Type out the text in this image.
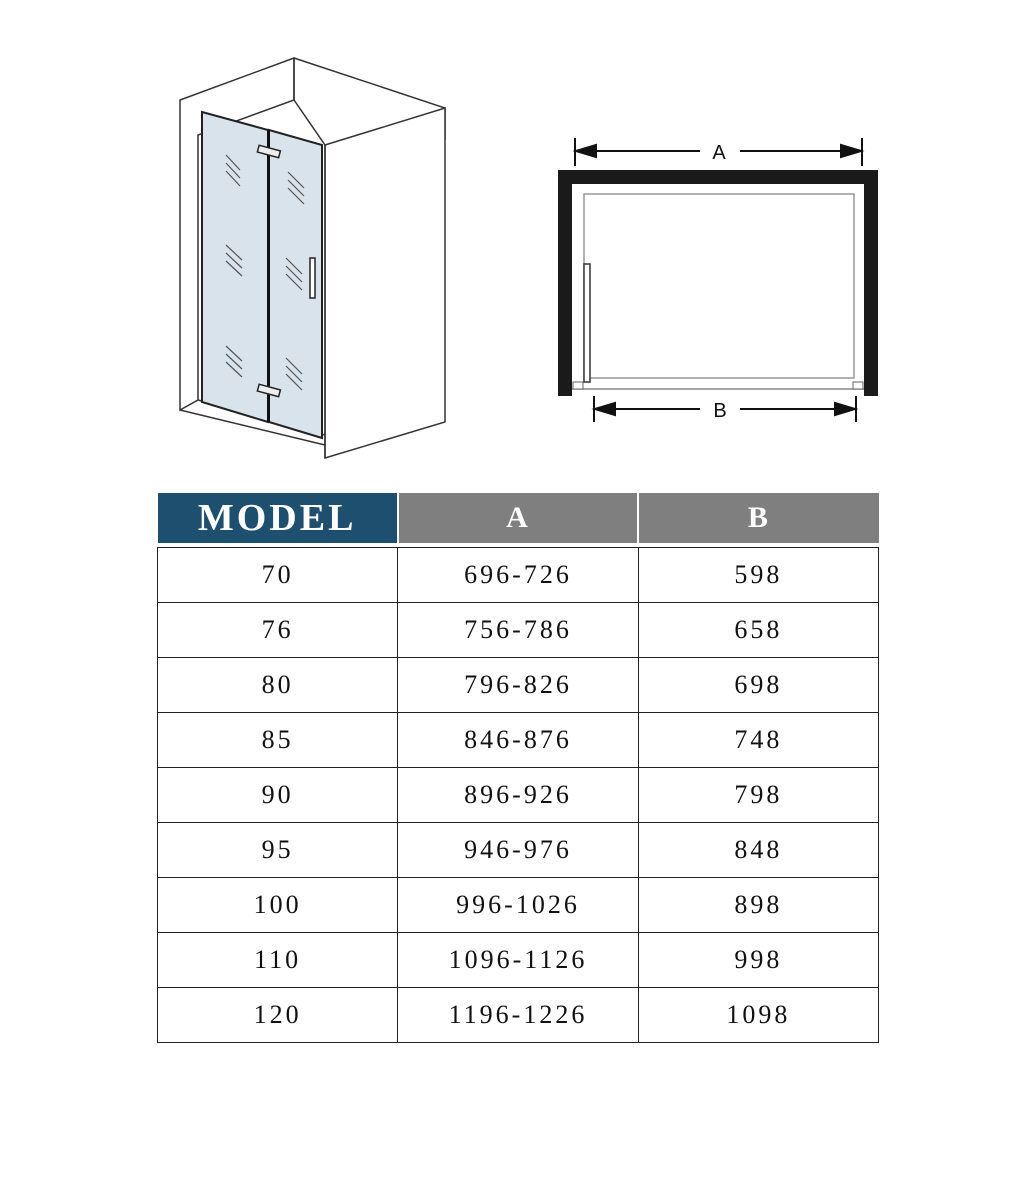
A
B
MODEL	A	B

70	696-726	598
76	756-786	658
80	796-826	698
85	846-876	748
90	896-926	798
95	946-976	848
100	996-1026	898
110	1096-1126	998
120	1196-1226	1098
